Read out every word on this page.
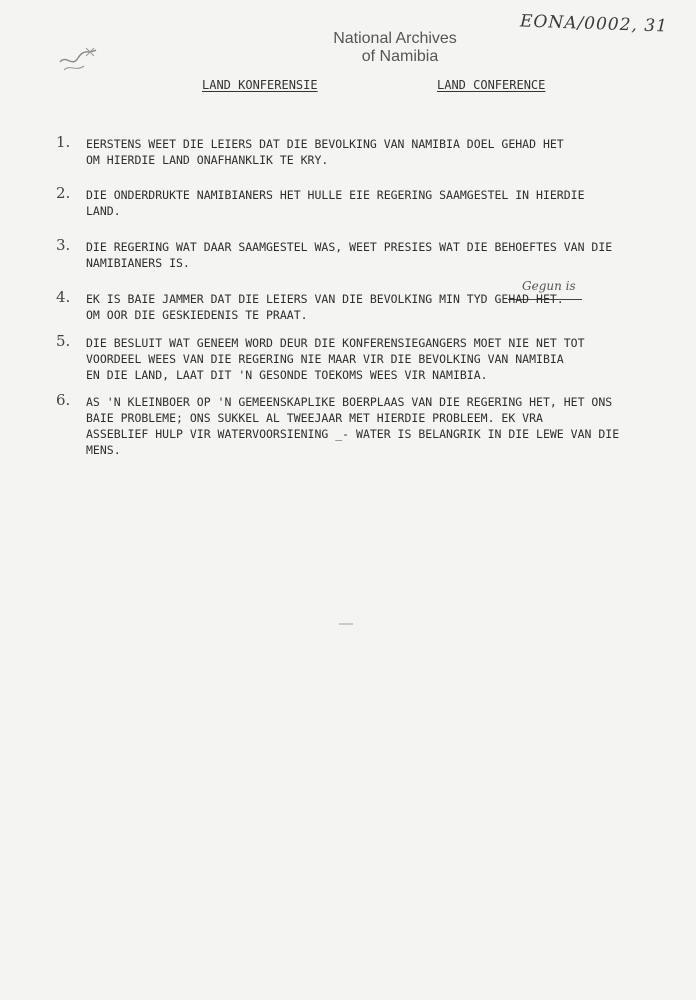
National Archives
of Namibia
EONA/0002, 31
LAND KONFERENSIE	LAND CONFERENCE
1.	EERSTENS WEET DIE LEIERS DAT DIE BEVOLKING VAN NAMIBIA DOEL GEHAD HET
OM HIERDIE LAND ONAFHANKLIK TE KRY.
2.	DIE ONDERDRUKTE NAMIBIANERS HET HULLE EIE REGERING SAAMGESTEL IN HIERDIE
LAND.
3.	DIE REGERING WAT DAAR SAAMGESTEL WAS, WEET PRESIES WAT DIE BEHOEFTES VAN DIE
NAMIBIANERS IS.
Gegun is
4.	EK IS BAIE JAMMER DAT DIE LEIERS VAN DIE BEVOLKING MIN TYD GEHAD HET.
OM OOR DIE GESKIEDENIS TE PRAAT.
5.	DIE BESLUIT WAT GENEEM WORD DEUR DIE KONFERENSIEGANGERS MOET NIE NET TOT
VOORDEEL WEES VAN DIE REGERING NIE MAAR VIR DIE BEVOLKING VAN NAMIBIA
EN DIE LAND, LAAT DIT 'N GESONDE TOEKOMS WEES VIR NAMIBIA.
6.	AS 'N KLEINBOER OP 'N GEMEENSKAPLIKE BOERPLAAS VAN DIE REGERING HET, HET ONS
BAIE PROBLEME; ONS SUKKEL AL TWEEJAAR MET HIERDIE PROBLEEM. EK VRA
ASSEBLIEF HULP VIR WATERVOORSIENING _- WATER IS BELANGRIK IN DIE LEWE VAN DIE
MENS.
